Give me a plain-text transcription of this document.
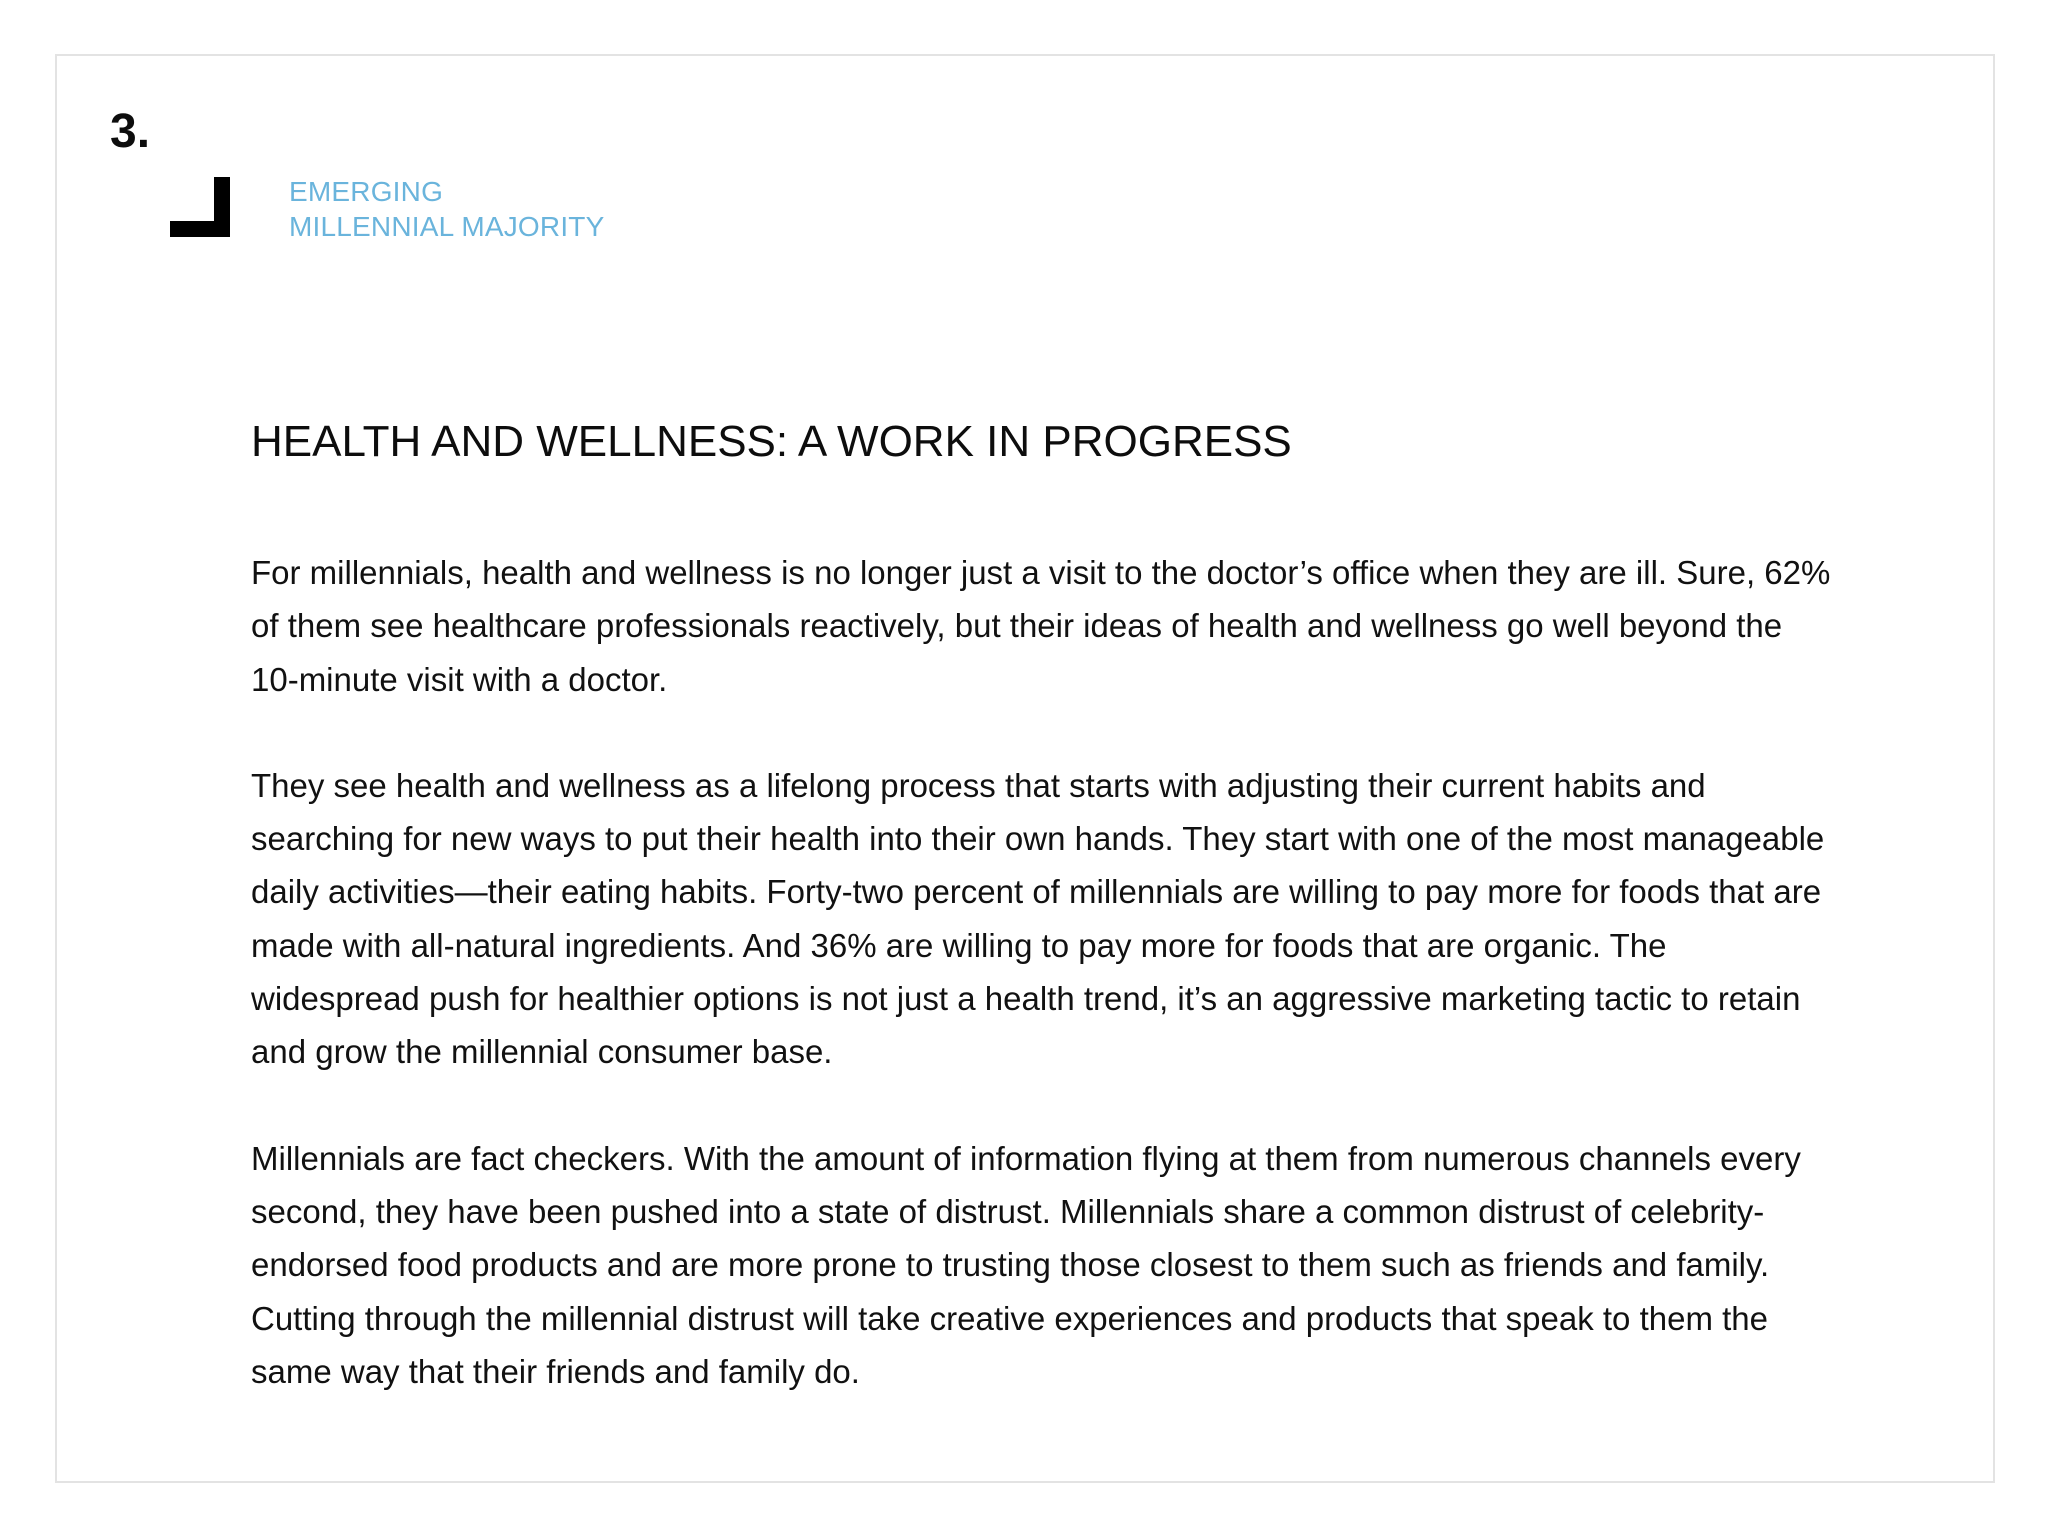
3.
EMERGING
MILLENNIAL MAJORITY
HEALTH AND WELLNESS: A WORK IN PROGRESS

For millennials, health and wellness is no longer just a visit to the doctor’s office when they are ill. Sure, 62% of them see healthcare professionals reactively, but their ideas of health and wellness go well beyond the 10-minute visit with a doctor.

They see health and wellness as a lifelong process that starts with adjusting their current habits and searching for new ways to put their health into their own hands. They start with one of the most manageable daily activities—their eating habits. Forty-two percent of millennials are willing to pay more for foods that are made with all-natural ingredients. And 36% are willing to pay more for foods that are organic. The widespread push for healthier options is not just a health trend, it’s an aggressive marketing tactic to retain and grow the millennial consumer base.

Millennials are fact checkers. With the amount of information flying at them from numerous channels every second, they have been pushed into a state of distrust. Millennials share a common distrust of celebrity-endorsed food products and are more prone to trusting those closest to them such as friends and family. Cutting through the millennial distrust will take creative experiences and products that speak to them the same way that their friends and family do.
